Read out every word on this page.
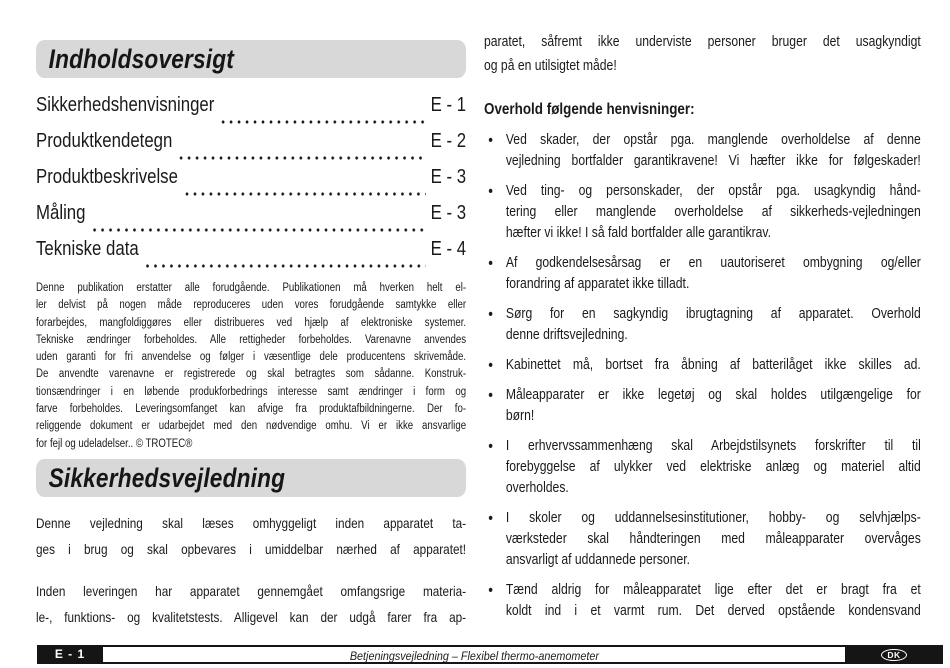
Indholdsoversigt
Sikkerhedshenvisninger	E - 1
Produktkendetegn	E - 2
Produktbeskrivelse	E - 3
Måling	E - 3
Tekniske data	E - 4
Denne publikation erstatter alle forudgående. Publikationen må hverken helt el-
ler delvist på nogen måde reproduceres uden vores forudgående samtykke eller
forarbejdes, mangfoldiggøres eller distribueres ved hjælp af elektroniske systemer.
Tekniske ændringer forbeholdes. Alle rettigheder forbeholdes. Varenavne anvendes
uden garanti for fri anvendelse og følger i væsentlige dele producentens skrivemåde.
De anvendte varenavne er registrerede og skal betragtes som sådanne. Konstruk-
tionsændringer i en løbende produkforbedrings interesse samt ændringer i form og
farve forbeholdes. Leveringsomfanget kan afvige fra produktafbildningerne. Der fo-
religgende dokument er udarbejdet med den nødvendige omhu. Vi er ikke ansvarlige
for fejl og udeladelser.. © TROTEC®
Sikkerhedsvejledning
Denne vejledning skal læses omhyggeligt inden apparatet ta-
ges i brug og skal opbevares i umiddelbar nærhed af apparatet!
Inden leveringen har apparatet gennemgået omfangsrige materia-
le-, funktions- og kvalitetstests. Alligevel kan der udgå farer fra ap-
paratet, såfremt ikke underviste personer bruger det usagkyndigt
og på en utilsigtet måde!
Overhold følgende henvisninger:
• Ved skader, der opstår pga. manglende overholdelse af denne
vejledning bortfalder garantikravene! Vi hæfter ikke for følgeskader!
• Ved ting- og personskader, der opstår pga. usagkyndig hånd-
tering eller manglende overholdelse af sikkerheds-vejledningen
hæfter vi ikke! I så fald bortfalder alle garantikrav.
• Af godkendelsesårsag er en uautoriseret ombygning og/eller
forandring af apparatet ikke tilladt.
• Sørg for en sagkyndig ibrugtagning af apparatet. Overhold
denne driftsvejledning.
• Kabinettet må, bortset fra åbning af batterilåget ikke skilles ad.
• Måleapparater er ikke legetøj og skal holdes utilgængelige for
børn!
• I erhvervssammenhæng skal Arbejdstilsynets forskrifter til til
forebyggelse af ulykker ved elektriske anlæg og materiel altid
overholdes.
• I skoler og uddannelsesinstitutioner, hobby- og selvhjælps-
værksteder skal håndteringen med måleapparater overvåges
ansvarligt af uddannede personer.
• Tænd aldrig for måleapparatet lige efter det er bragt fra et
koldt ind i et varmt rum. Det derved opstående kondensvand
E - 1	Betjeningsvejledning – Flexibel thermo-anemometer	DK
